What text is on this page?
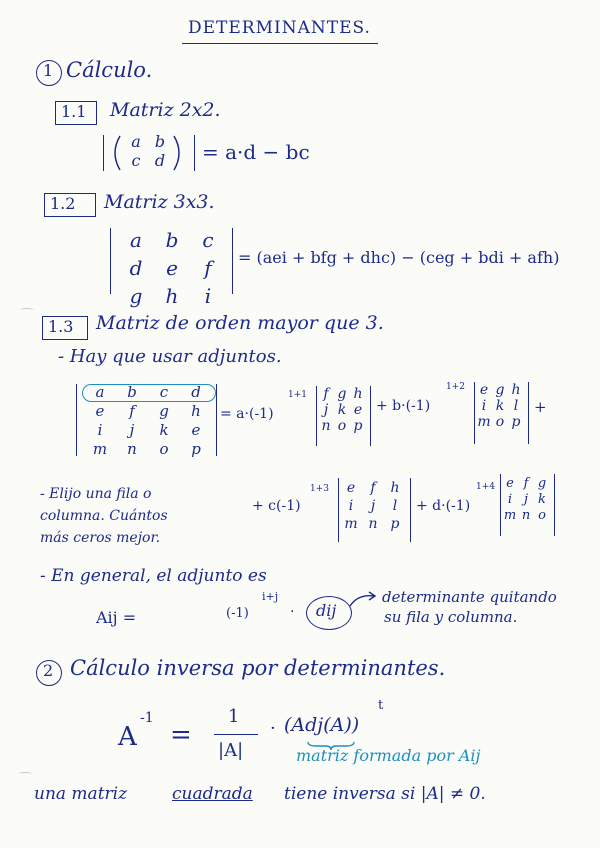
DETERMINANTES.
1 Cálculo.
1.1 Matriz 2x2.
a b
c d	= a·d − bc
1.2 Matriz 3x3.
a	b	c
d	e	f
g	h	i
= (aei + bfg + dhc) − (ceg + bdi + afh)
1.3 Matriz de orden mayor que 3.
- Hay que usar adjuntos.
a	b	c	d
e	f	g	h
i	j	k	e
m	n	o	p
= a·(-1)
1+1	f g h
j k e
n o p
+ b·(-1)
1+2 e g h
i k l
m o p
+
- Elijo una fila o
columna. Cuántos
más ceros mejor.
+ c(-1)
1+3	e	f	h
i	j	l
m n p
+ d·(-1)
1+4 e f g
i j k
m n o
- En general, el adjunto es
Aij =	(-1)
i+j
· dij
determinante quitando
su fila y columna.
2 Cálculo inversa por determinantes.
A
-1
=
1
|A|
· (Adj(A))
t
matriz formada por Aij
una matriz	cuadrada tiene inversa si |A| ≠ 0.
